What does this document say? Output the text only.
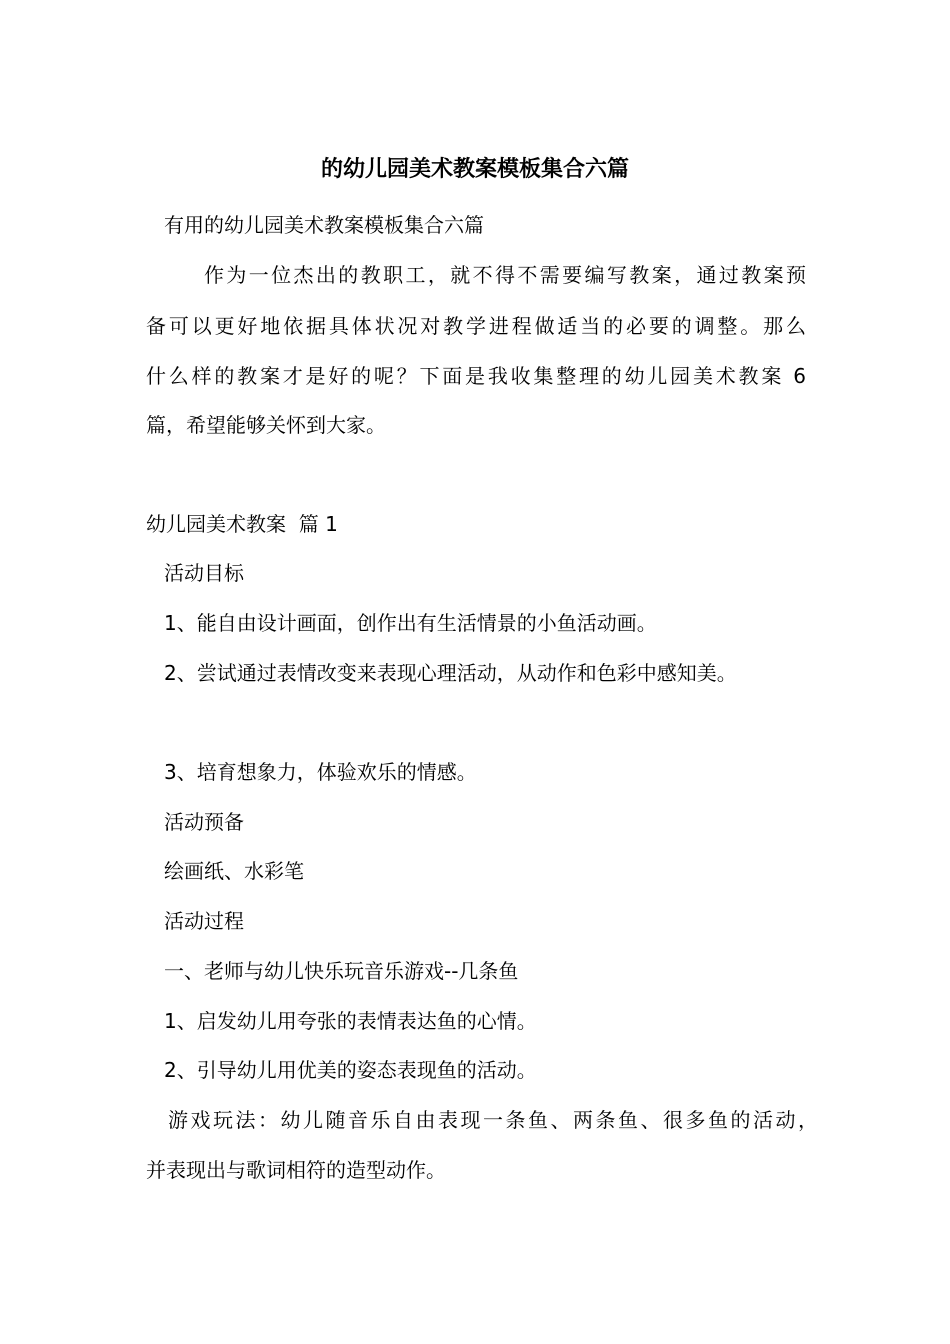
的幼儿园美术教案模板集合六篇
有用的幼儿园美术教案模板集合六篇
作为一位杰出的教职工，就不得不需要编写教案，通过教案预
备可以更好地依据具体状况对教学进程做适当的必要的调整。那么
什么样的教案才是好的呢？下面是我收集整理的幼儿园美术教案 6
篇，希望能够关怀到大家。
幼儿园美术教案  篇 1
活动目标
1、能自由设计画面，创作出有生活情景的小鱼活动画。
2、尝试通过表情改变来表现心理活动，从动作和色彩中感知美。
3、培育想象力，体验欢乐的情感。
活动预备
绘画纸、水彩笔
活动过程
一、老师与幼儿快乐玩音乐游戏--几条鱼
1、启发幼儿用夸张的表情表达鱼的心情。
2、引导幼儿用优美的姿态表现鱼的活动。
游戏玩法：幼儿随音乐自由表现一条鱼、两条鱼、很多鱼的活动，
并表现出与歌词相符的造型动作。
